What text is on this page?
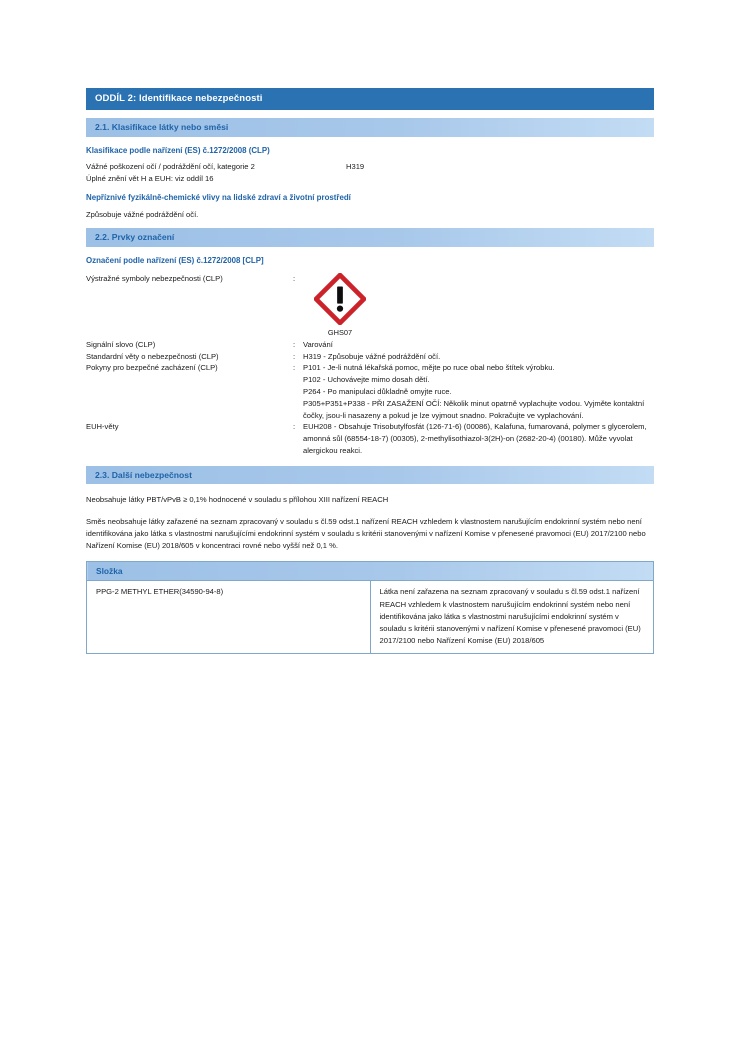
ODDÍL 2: Identifikace nebezpečnosti
2.1. Klasifikace látky nebo směsi
Klasifikace podle nařízení (ES) č.1272/2008 (CLP)
Vážné poškození očí / podráždění očí, kategorie 2	H319
Úplné znění vět H a EUH: viz oddíl 16
Nepříznivé fyzikálně-chemické vlivy na lidské zdraví a životní prostředí
Způsobuje vážné podráždění očí.
2.2. Prvky označení
Označení podle nařízení (ES) č.1272/2008 [CLP]
Výstražné symboly nebezpečnosti (CLP)	:
GHS07
Signální slovo (CLP)	:	Varování
Standardní věty o nebezpečnosti (CLP)	:	H319 - Způsobuje vážné podráždění očí.
Pokyny pro bezpečné zacházení (CLP)	:	P101 - Je-li nutná lékařská pomoc, mějte po ruce obal nebo štítek výrobku.

P102 - Uchovávejte mimo dosah dětí.

P264 - Po manipulaci důkladně omyjte ruce.

P305+P351+P338 - PŘI ZASAŽENÍ OČÍ: Několik minut opatrně vyplachujte vodou. Vyjměte kontaktní čočky, jsou-li nasazeny a pokud je lze vyjmout snadno. Pokračujte ve vyplachování.

EUH-věty	:	EUH208 - Obsahuje Trisobutylfosfát (126-71-6) (00086), Kalafuna, fumarovaná, polymer s glycerolem, amonná sůl (68554-18-7) (00305), 2-methylisothiazol-3(2H)-on (2682-20-4) (00180). Může vyvolat alergickou reakci.
2.3. Další nebezpečnost
Neobsahuje látky PBT/vPvB ≥ 0,1% hodnocené v souladu s přílohou XIII nařízení REACH
Směs neobsahuje látky zařazené na seznam zpracovaný v souladu s čl.59 odst.1 nařízení REACH vzhledem k vlastnostem narušujícím endokrinní systém nebo není identifikována jako látka s vlastnostmi narušujícími endokrinní systém v souladu s kritérii stanovenými v nařízení Komise v přenesené pravomoci (EU) 2017/2100 nebo Nařízení Komise (EU) 2018/605 v koncentraci rovné nebo vyšší než 0,1 %.
Složka
PPG-2 METHYL ETHER(34590-94-8)	Látka není zařazena na seznam zpracovaný v souladu s čl.59 odst.1 nařízení REACH vzhledem k vlastnostem narušujícím endokrinní systém nebo není identifikována jako látka s vlastnostmi narušujícími endokrinní systém v souladu s kritérii stanovenými v nařízení Komise v přenesené pravomoci (EU) 2017/2100 nebo Nařízení Komise (EU) 2018/605
